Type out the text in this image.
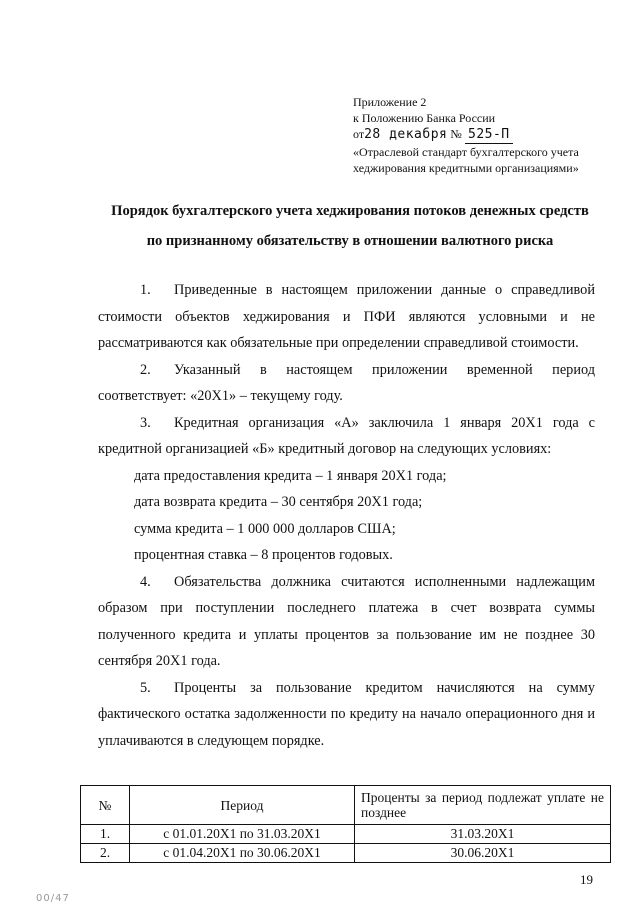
Приложение 2
к Положению Банка России
от28 декабря № 525-П
«Отраслевой стандарт бухгалтерского учета
хеджирования кредитными организациями»
Порядок бухгалтерского учета хеджирования потоков денежных средств
по признанному обязательству в отношении валютного риска

1. Приведенные в настоящем приложении данные о справедливой стоимости объектов хеджирования и ПФИ являются условными и не рассматриваются как обязательные при определении справедливой стоимости.

2. Указанный в настоящем приложении временной период соответствует: «20Х1» – текущему году.

3. Кредитная организация «А» заключила 1 января 20Х1 года с кредитной организацией «Б» кредитный договор на следующих условиях:

дата предоставления кредита – 1 января 20Х1 года;

дата возврата кредита – 30 сентября 20Х1 года;

сумма кредита – 1 000 000 долларов США;

процентная ставка – 8 процентов годовых.

4. Обязательства должника считаются исполненными надлежащим образом при поступлении последнего платежа в счет возврата суммы полученного кредита и уплаты процентов за пользование им не позднее 30 сентября 20Х1 года.

5. Проценты за пользование кредитом начисляются на сумму фактического остатка задолженности по кредиту на начало операционного дня и уплачиваются в следующем порядке.

№	Период	Проценты за период подлежат уплате не позднее
1.	с 01.01.20Х1 по 31.03.20Х1	31.03.20Х1
2.	с 01.04.20Х1 по 30.06.20Х1	30.06.20Х1
19
00/47
